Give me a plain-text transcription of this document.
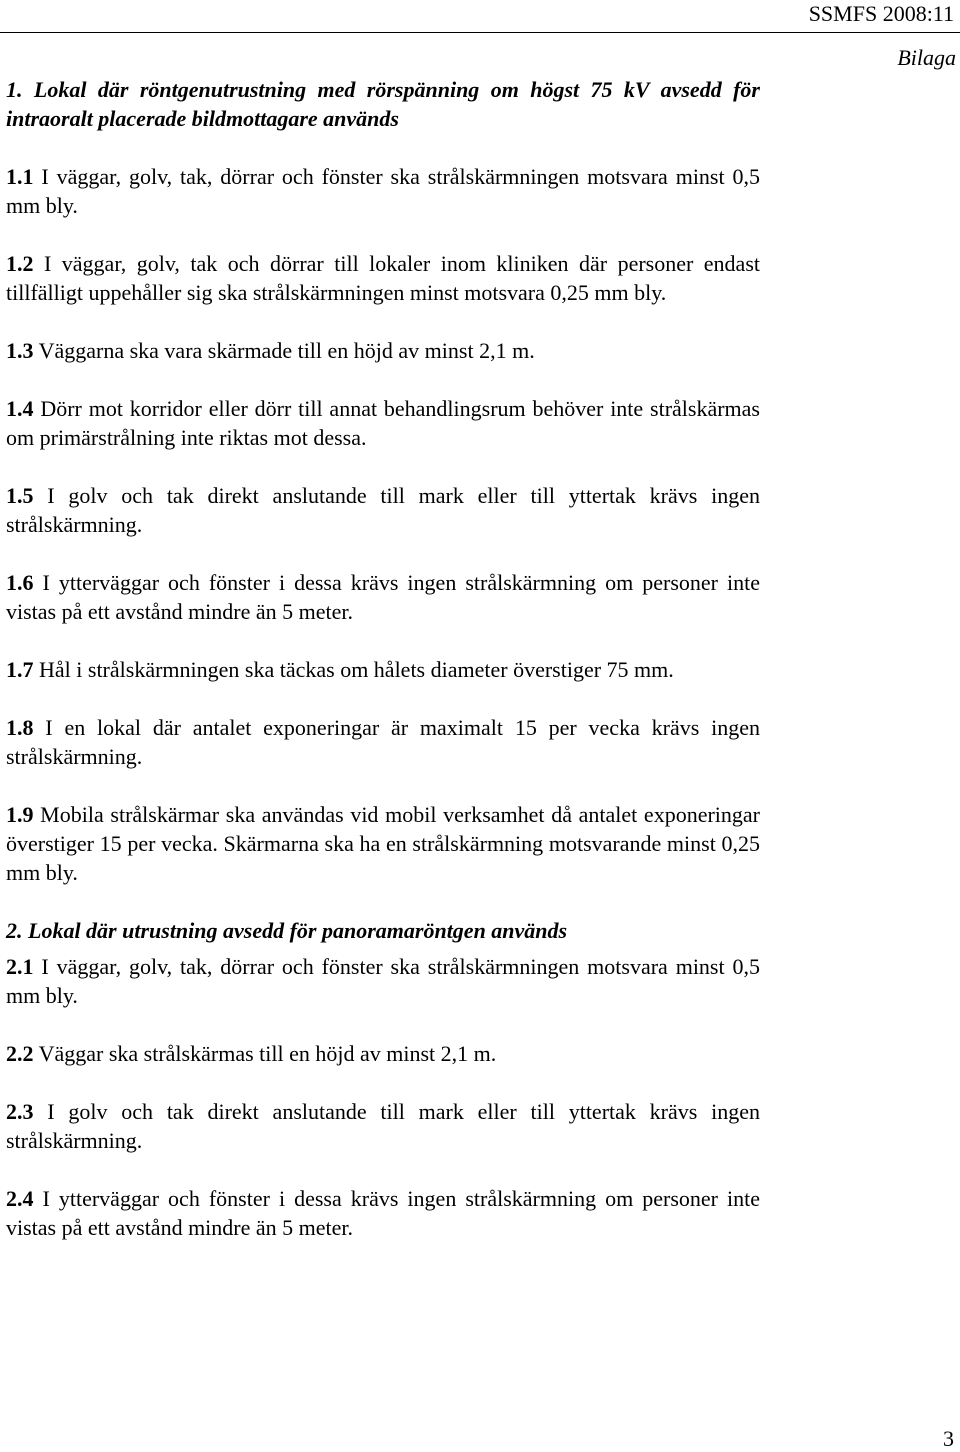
SSMFS 2008:11
Bilaga
1. Lokal där röntgenutrustning med rörspänning om högst 75 kV avsedd för intraoralt placerade bildmottagare används
1.1 I väggar, golv, tak, dörrar och fönster ska strålskärmningen motsvara minst 0,5 mm bly.
1.2 I väggar, golv, tak och dörrar till lokaler inom kliniken där personer endast tillfälligt uppehåller sig ska strålskärmningen minst motsvara 0,25 mm bly.
1.3 Väggarna ska vara skärmade till en höjd av minst 2,1 m.
1.4 Dörr mot korridor eller dörr till annat behandlingsrum behöver inte strålskärmas om primärstrålning inte riktas mot dessa.
1.5 I golv och tak direkt anslutande till mark eller till yttertak krävs ingen strålskärmning.
1.6 I ytterväggar och fönster i dessa krävs ingen strålskärmning om personer inte vistas på ett avstånd mindre än 5 meter.
1.7 Hål i strålskärmningen ska täckas om hålets diameter överstiger 75 mm.
1.8 I en lokal där antalet exponeringar är maximalt 15 per vecka krävs ingen strålskärmning.
1.9 Mobila strålskärmar ska användas vid mobil verksamhet då antalet exponeringar överstiger 15 per vecka. Skärmarna ska ha en strålskärmning motsvarande minst 0,25 mm bly.
2. Lokal där utrustning avsedd för panoramaröntgen används
2.1 I väggar, golv, tak, dörrar och fönster ska strålskärmningen motsvara minst 0,5 mm bly.
2.2 Väggar ska strålskärmas till en höjd av minst 2,1 m.
2.3 I golv och tak direkt anslutande till mark eller till yttertak krävs ingen strålskärmning.
2.4 I ytterväggar och fönster i dessa krävs ingen strålskärmning om personer inte vistas på ett avstånd mindre än 5 meter.
3
